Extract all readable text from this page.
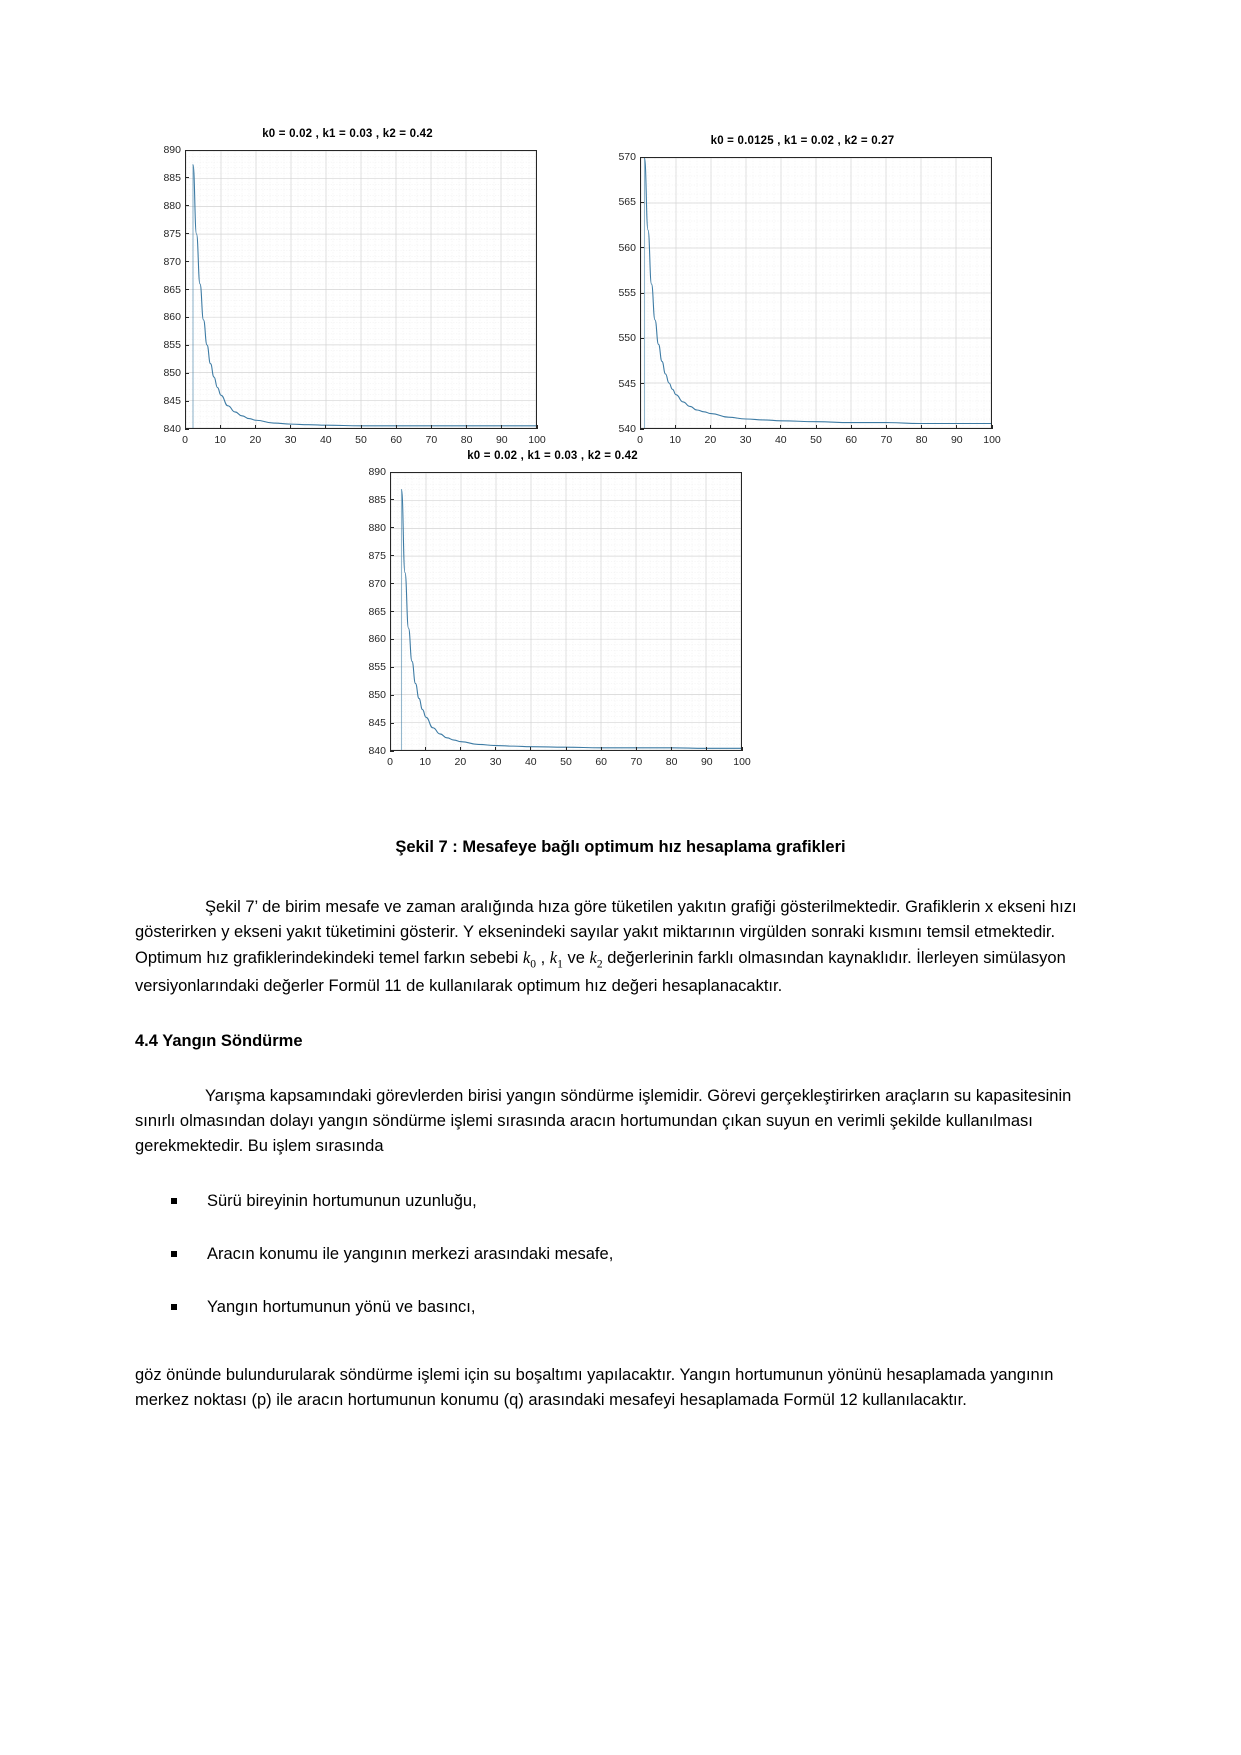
k0 = 0.02 , k1 = 0.03 , k2 = 0.42
840
845
850
855
860
865
870
875
880
885
890
0	10 20 30 40 50 60 70 80 90 100
k0 = 0.0125 , k1 = 0.02 , k2 = 0.27
540
545
550
555
560
565
570
0	10 20 30 40 50 60 70 80 90 100
k0 = 0.02 , k1 = 0.03 , k2 = 0.42
840
845
850
855
860
865
870
875
880
885
890
0	10 20 30 40 50 60 70 80 90 100
Şekil 7 : Mesafeye bağlı optimum hız hesaplama grafikleri

Şekil 7’ de birim mesafe ve zaman aralığında hıza göre tüketilen yakıtın grafiği gösterilmektedir. Grafiklerin x ekseni hızı gösterirken y ekseni yakıt tüketimini gösterir. Y eksenindeki sayılar yakıt miktarının virgülden sonraki kısmını temsil etmektedir. Optimum hız grafiklerindekindeki temel farkın sebebi $k_0$ , $k_1$ ve $k_2$ değerlerinin farklı olmasından kaynaklıdır. İlerleyen simülasyon versiyonlarındaki değerler Formül 11 de kullanılarak optimum hız değeri hesaplanacaktır.

4.4 Yangın Söndürme

Yarışma kapsamındaki görevlerden birisi yangın söndürme işlemidir. Görevi gerçekleştirirken araçların su kapasitesinin sınırlı olmasından dolayı yangın söndürme işlemi sırasında aracın hortumundan çıkan suyun en verimli şekilde kullanılması gerekmektedir. Bu işlem sırasında

Sürü bireyinin hortumunun uzunluğu,
Aracın konumu ile yangının merkezi arasındaki mesafe,
Yangın hortumunun yönü ve basıncı,

göz önünde bulundurularak söndürme işlemi için su boşaltımı yapılacaktır. Yangın hortumunun yönünü hesaplamada yangının merkez noktası (p) ile aracın hortumunun konumu (q) arasındaki mesafeyi hesaplamada Formül 12 kullanılacaktır.
